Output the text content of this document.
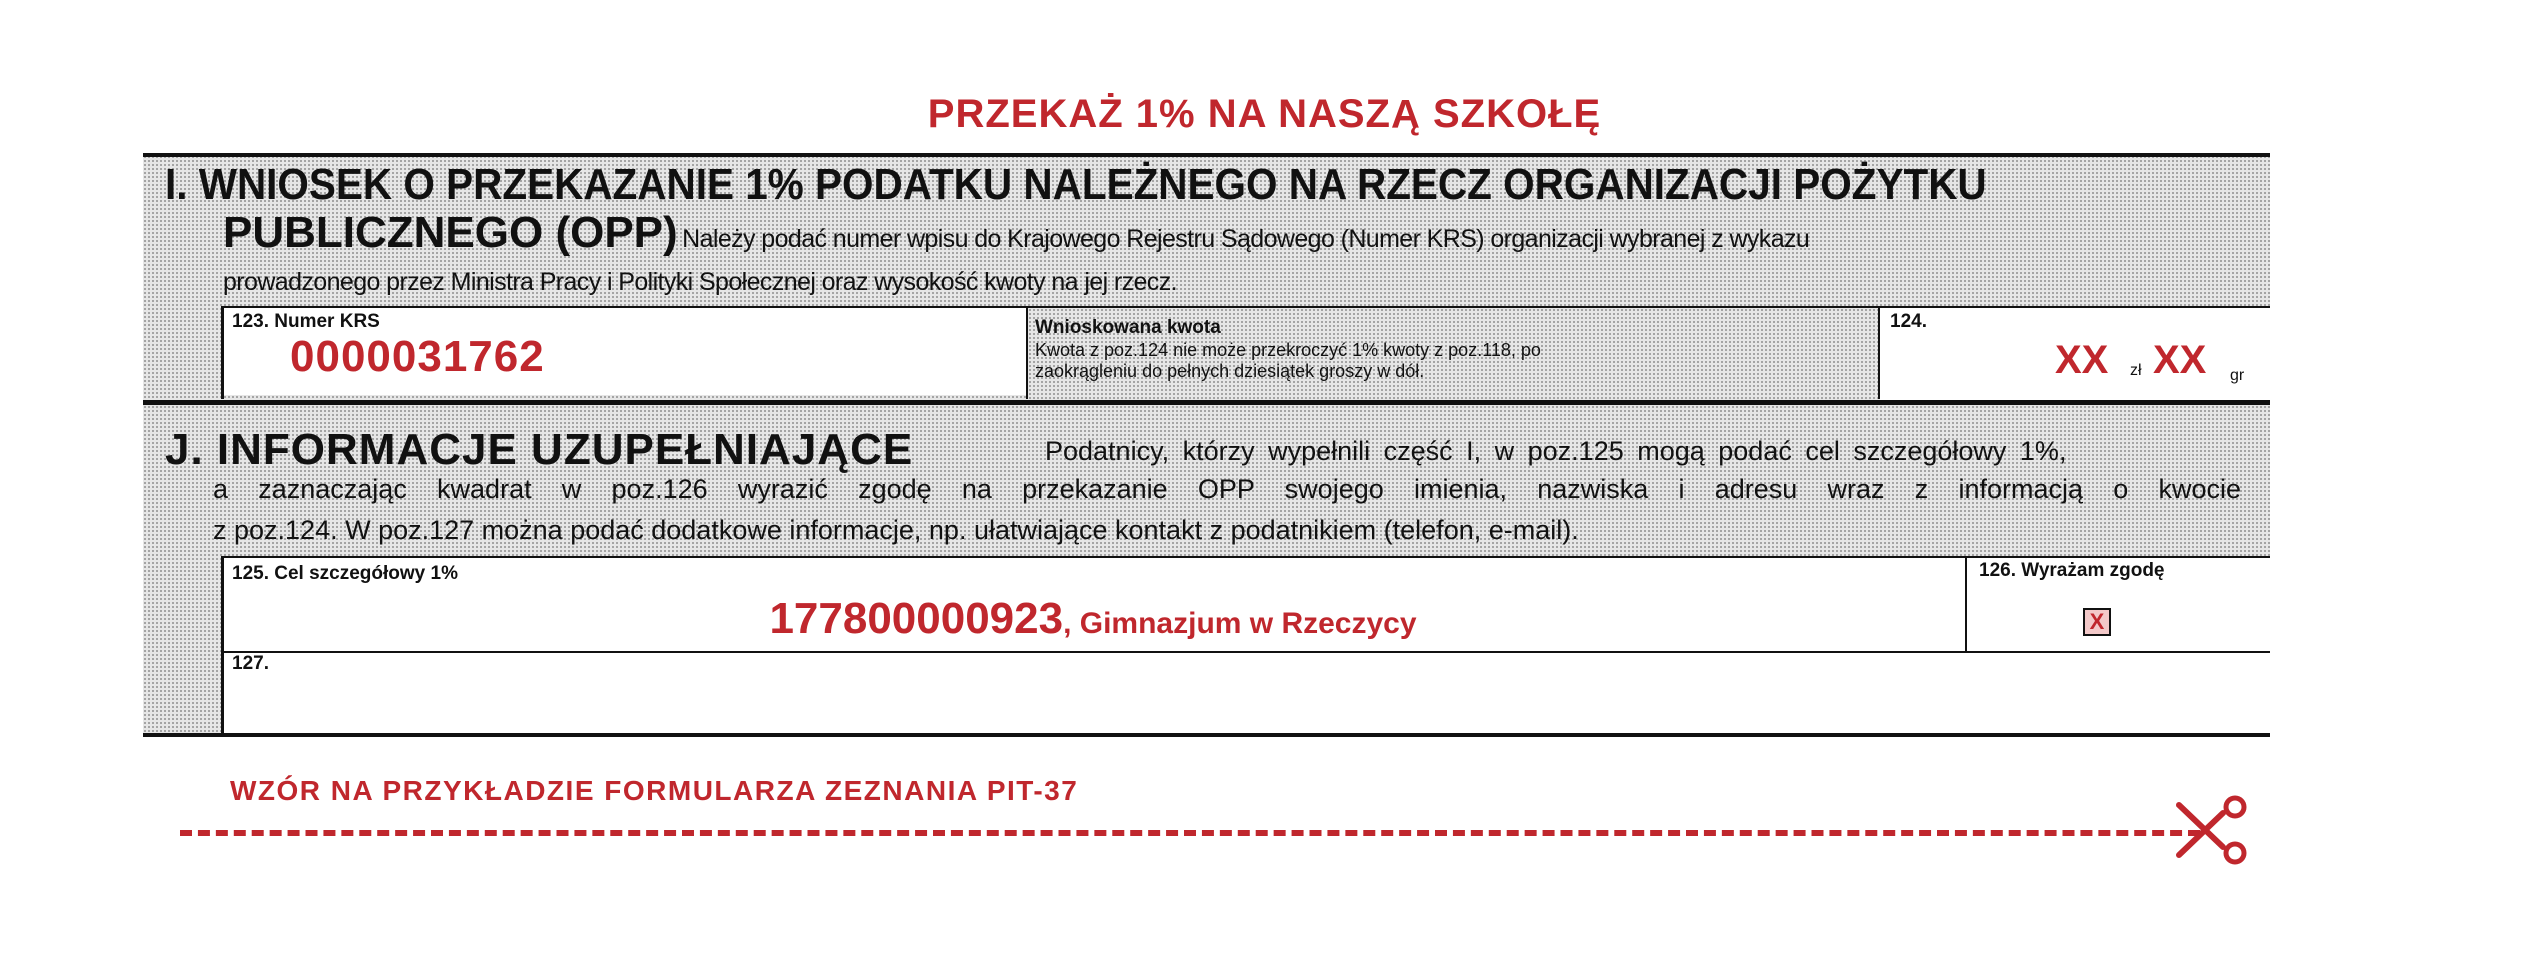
PRZEKAŻ 1% NA NASZĄ SZKOŁĘ
I. WNIOSEK O PRZEKAZANIE 1% PODATKU NALEŻNEGO NA RZECZ ORGANIZACJI POŻYTKU
PUBLICZNEGO (OPP) Należy podać numer wpisu do Krajowego Rejestru Sądowego (Numer KRS) organizacji wybranej z wykazu
prowadzonego przez Ministra Pracy i Polityki Społecznej oraz wysokość kwoty na jej rzecz.
123. Numer KRS
0000031762
Wnioskowana kwota
Kwota z poz.124 nie może przekroczyć 1% kwoty z poz.118, po
zaokrągleniu do pełnych dziesiątek groszy w dół.
124.
XX zł XX gr
J. INFORMACJE UZUPEŁNIAJĄCE	Podatnicy, którzy wypełnili część I, w poz.125 mogą podać cel szczegółowy 1%,
a zaznaczając kwadrat w poz.126 wyrazić zgodę na przekazanie OPP swojego imienia, nazwiska i adresu wraz z informacją o kwocie
z poz.124. W poz.127 można podać dodatkowe informacje, np. ułatwiające kontakt z podatnikiem (telefon, e-mail).
125. Cel szczegółowy 1%
177800000923, Gimnazjum w Rzeczycy
126. Wyrażam zgodę
X
127.
WZÓR NA PRZYKŁADZIE FORMULARZA ZEZNANIA PIT-37
